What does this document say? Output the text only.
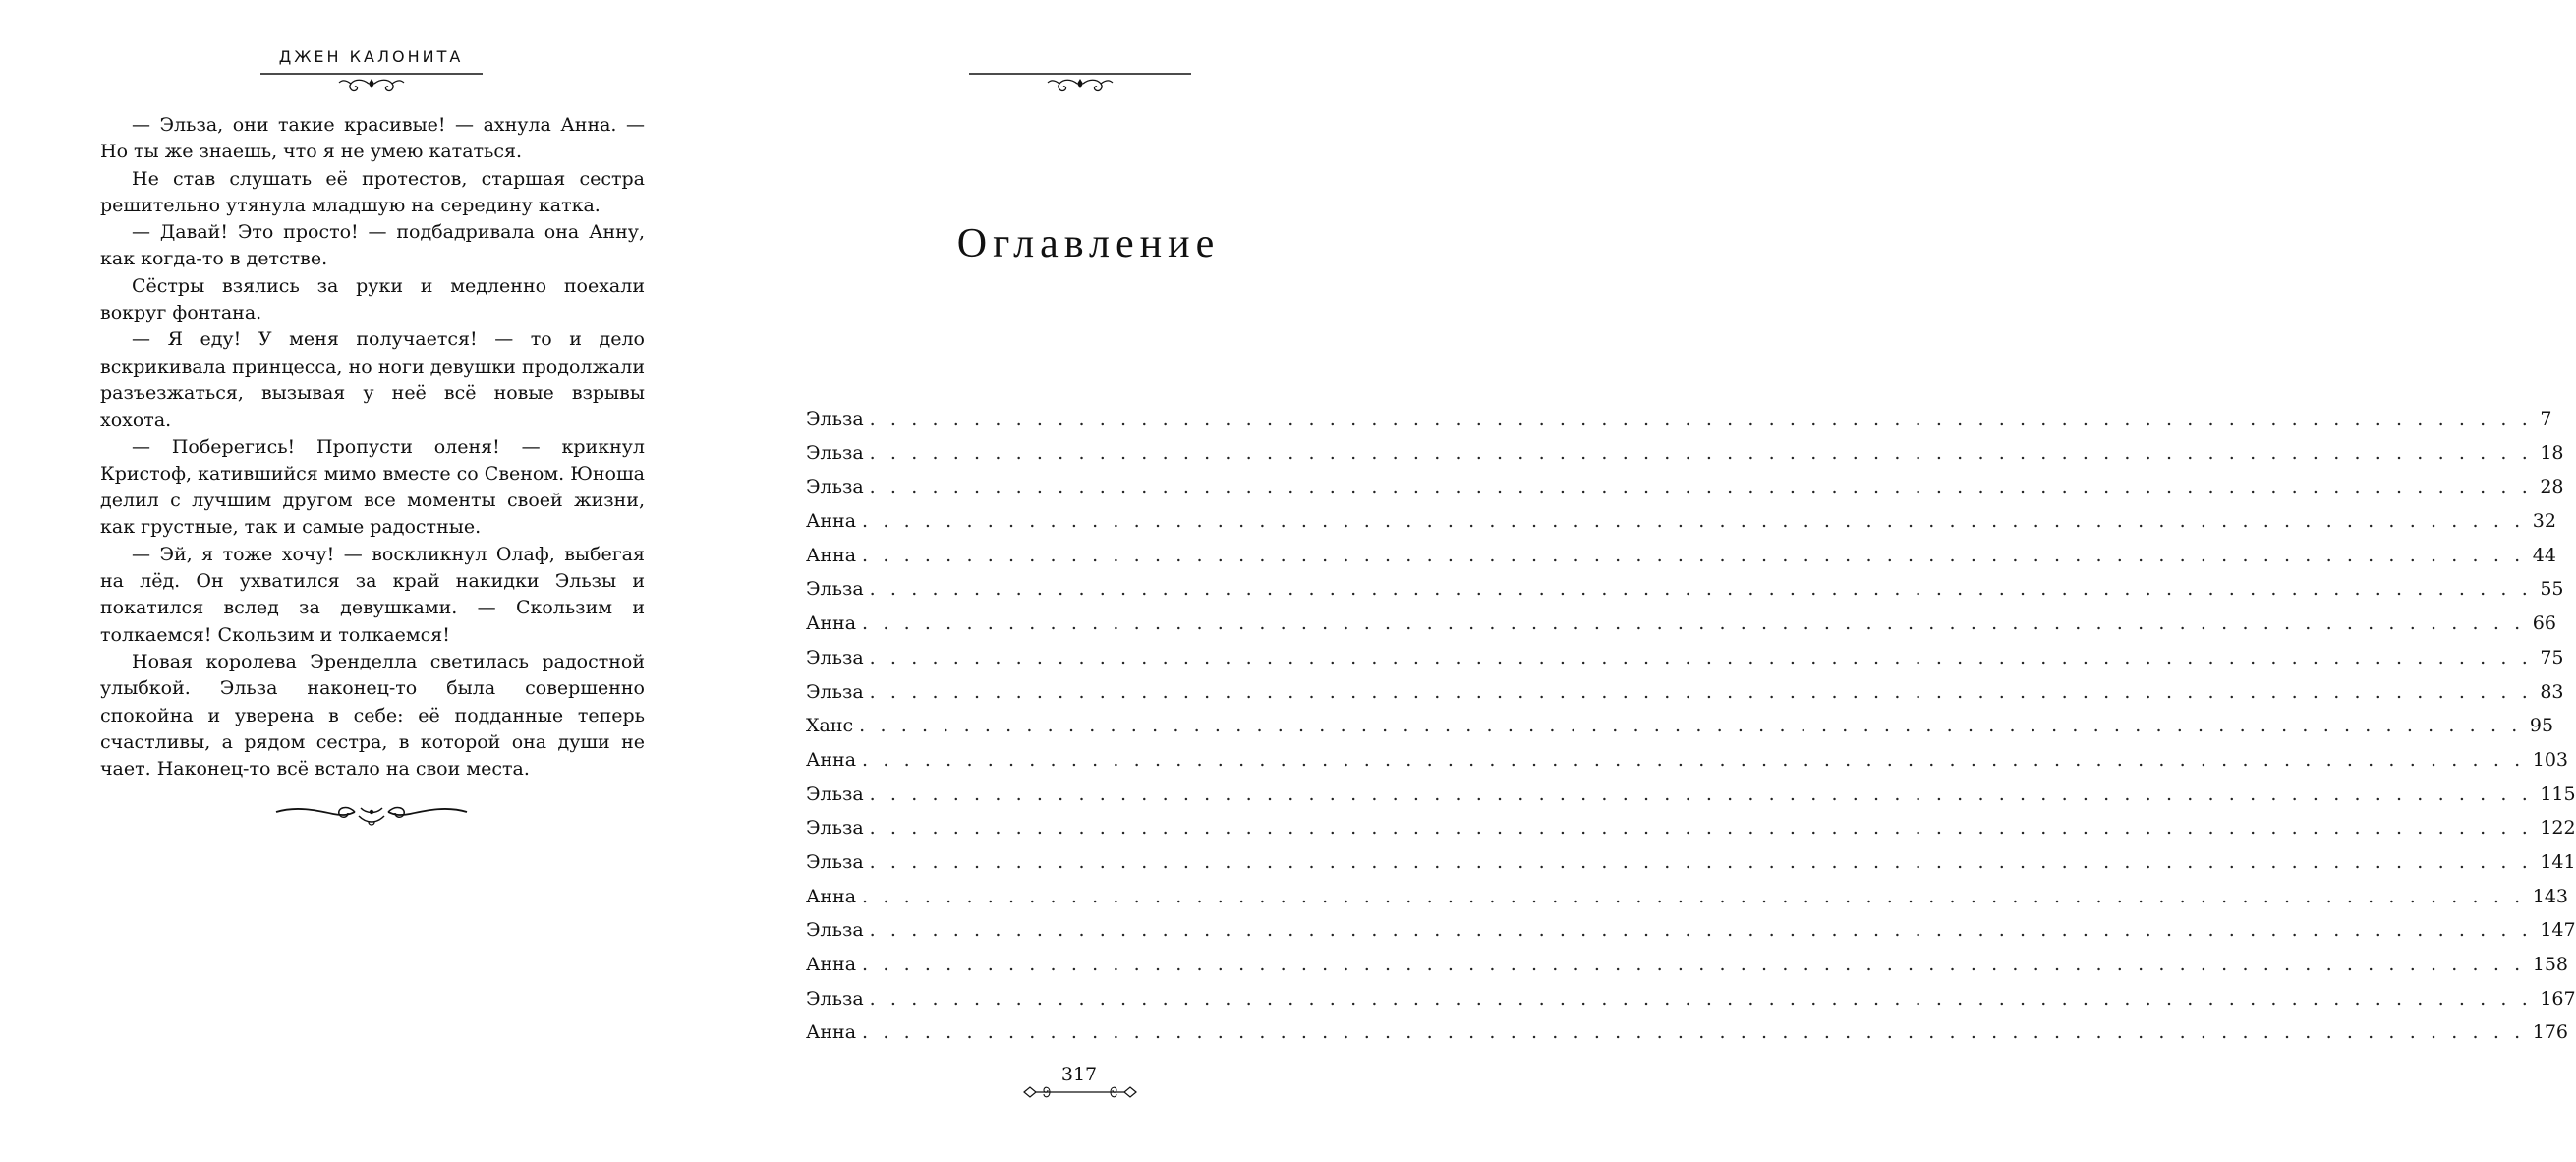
ДЖЕН КАЛОНИТА

— Эльза, они такие красивые! — ахнула Анна. — Но ты же знаешь, что я не умею кататься.

Не став слушать её протестов, старшая сестра решительно утянула младшую на середину катка.

— Давай! Это просто! — подбадривала она Анну, как когда-то в детстве.

Сёстры взялись за руки и медленно поехали вокруг фонтана.

— Я еду! У меня получается! — то и дело вскрикивала принцесса, но ноги девушки продолжали разъезжаться, вызывая у неё всё новые взрывы хохота.

— Поберегись! Пропусти оленя! — крикнул Кристоф, катившийся мимо вместе со Свеном. Юноша делил с лучшим другом все моменты своей жизни, как грустные, так и самые радостные.

— Эй, я тоже хочу! — воскликнул Олаф, выбегая на лёд. Он ухватился за край накидки Эльзы и покатился вслед за девушками. — Скользим и толкаемся! Скользим и толкаемся!

Новая королева Эренделла светилась радостной улыбкой. Эльза наконец-то была совершенно спокойна и уверена в себе: её подданные теперь счастливы, а рядом сестра, в которой она души не чает. Наконец-то всё встало на свои места.

Оглавление
Эльза . . . . . . . . . . . . . . . . . . . . . . . . . . . . . . . . . . . . . . . . . . . . . . . . . . . . . . . . . . . . . . . . . . . . . . . . . . . . . . . . 7
Эльза . . . . . . . . . . . . . . . . . . . . . . . . . . . . . . . . . . . . . . . . . . . . . . . . . . . . . . . . . . . . . . . . . . . . . . . . . . . . . . . . 18
Эльза . . . . . . . . . . . . . . . . . . . . . . . . . . . . . . . . . . . . . . . . . . . . . . . . . . . . . . . . . . . . . . . . . . . . . . . . . . . . . . . . 28
Анна . . . . . . . . . . . . . . . . . . . . . . . . . . . . . . . . . . . . . . . . . . . . . . . . . . . . . . . . . . . . . . . . . . . . . . . . . . . . . . . . 32
Анна . . . . . . . . . . . . . . . . . . . . . . . . . . . . . . . . . . . . . . . . . . . . . . . . . . . . . . . . . . . . . . . . . . . . . . . . . . . . . . . . 44
Эльза . . . . . . . . . . . . . . . . . . . . . . . . . . . . . . . . . . . . . . . . . . . . . . . . . . . . . . . . . . . . . . . . . . . . . . . . . . . . . . . . 55
Анна . . . . . . . . . . . . . . . . . . . . . . . . . . . . . . . . . . . . . . . . . . . . . . . . . . . . . . . . . . . . . . . . . . . . . . . . . . . . . . . . 66
Эльза . . . . . . . . . . . . . . . . . . . . . . . . . . . . . . . . . . . . . . . . . . . . . . . . . . . . . . . . . . . . . . . . . . . . . . . . . . . . . . . . 75
Эльза . . . . . . . . . . . . . . . . . . . . . . . . . . . . . . . . . . . . . . . . . . . . . . . . . . . . . . . . . . . . . . . . . . . . . . . . . . . . . . . . 83
Ханс . . . . . . . . . . . . . . . . . . . . . . . . . . . . . . . . . . . . . . . . . . . . . . . . . . . . . . . . . . . . . . . . . . . . . . . . . . . . . . . . 95
Анна . . . . . . . . . . . . . . . . . . . . . . . . . . . . . . . . . . . . . . . . . . . . . . . . . . . . . . . . . . . . . . . . . . . . . . . . . . . . . . . . 103
Эльза . . . . . . . . . . . . . . . . . . . . . . . . . . . . . . . . . . . . . . . . . . . . . . . . . . . . . . . . . . . . . . . . . . . . . . . . . . . . . . . . 115
Эльза . . . . . . . . . . . . . . . . . . . . . . . . . . . . . . . . . . . . . . . . . . . . . . . . . . . . . . . . . . . . . . . . . . . . . . . . . . . . . . . . 122
Эльза . . . . . . . . . . . . . . . . . . . . . . . . . . . . . . . . . . . . . . . . . . . . . . . . . . . . . . . . . . . . . . . . . . . . . . . . . . . . . . . . 141
Анна . . . . . . . . . . . . . . . . . . . . . . . . . . . . . . . . . . . . . . . . . . . . . . . . . . . . . . . . . . . . . . . . . . . . . . . . . . . . . . . . 143
Эльза . . . . . . . . . . . . . . . . . . . . . . . . . . . . . . . . . . . . . . . . . . . . . . . . . . . . . . . . . . . . . . . . . . . . . . . . . . . . . . . . 147
Анна . . . . . . . . . . . . . . . . . . . . . . . . . . . . . . . . . . . . . . . . . . . . . . . . . . . . . . . . . . . . . . . . . . . . . . . . . . . . . . . . 158
Эльза . . . . . . . . . . . . . . . . . . . . . . . . . . . . . . . . . . . . . . . . . . . . . . . . . . . . . . . . . . . . . . . . . . . . . . . . . . . . . . . . 167
Анна . . . . . . . . . . . . . . . . . . . . . . . . . . . . . . . . . . . . . . . . . . . . . . . . . . . . . . . . . . . . . . . . . . . . . . . . . . . . . . . . 176
317
